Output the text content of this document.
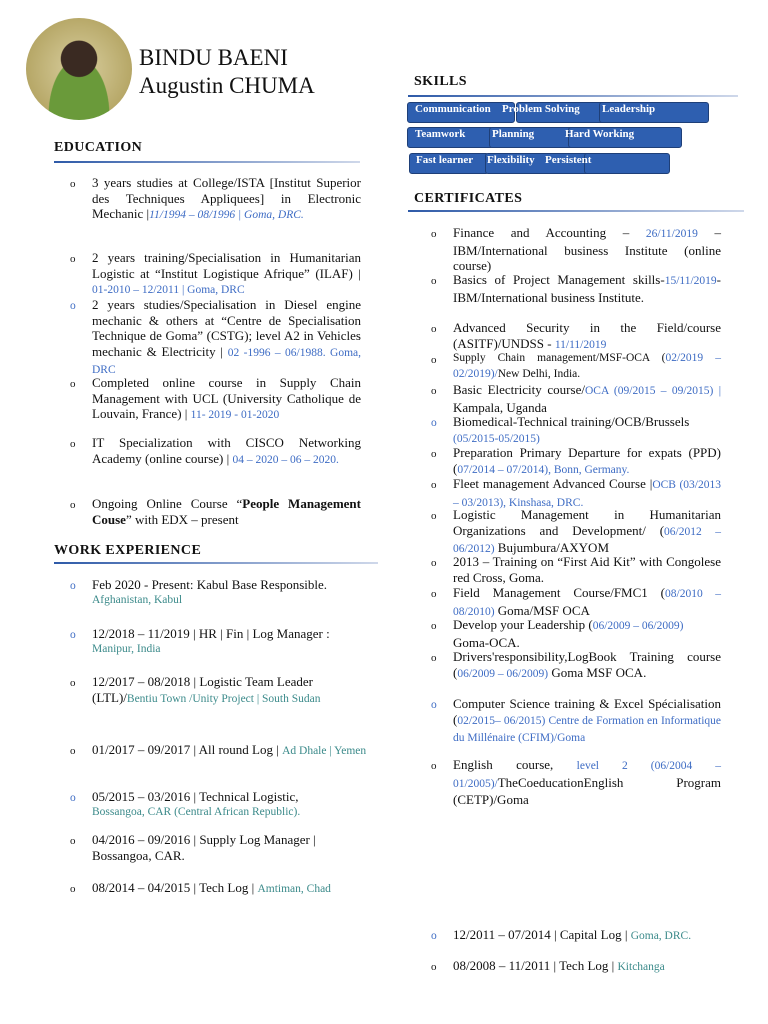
BINDU BAENI
Augustin CHUMA
EDUCATION
o 3 years studies at College/ISTA [Institut Superior des Techniques Appliquees] in Electronic Mechanic |11/1994 – 08/1996 | Goma, DRC.
o 2 years training/Specialisation in Humanitarian Logistic at “Institut Logistique Afrique” (ILAF) | 01-2010 – 12/2011 | Goma, DRC
o 2 years studies/Specialisation in Diesel engine mechanic & others at “Centre de Specialisation Technique de Goma” (CSTG); level A2 in Vehicles mechanic & Electricity | 02 -1996 – 06/1988. Goma, DRC
o Completed online course in Supply Chain Management with UCL (University Catholique de Louvain, France) | 11- 2019 - 01-2020
o IT Specialization with CISCO Networking Academy (online course) | 04 – 2020 – 06 – 2020.
o Ongoing Online Course “People Management Couse” with EDX – present
WORK EXPERIENCE
o Feb 2020 - Present: Kabul Base Responsible.
Afghanistan, Kabul
o 12/2018 – 11/2019 | HR | Fin | Log Manager :
Manipur, India
o 12/2017 – 08/2018 | Logistic Team Leader (LTL)/Bentiu Town /Unity Project | South Sudan
o 01/2017 – 09/2017 | All round Log | Ad Dhale | Yemen
o 05/2015 – 03/2016 | Technical Logistic,
Bossangoa, CAR (Central African Republic).
o 04/2016 – 09/2016 | Supply Log Manager | Bossangoa, CAR.
o 08/2014 – 04/2015 | Tech Log | Amtiman, Chad
SKILLS
Communication Problem Solving Leadership
Teamwork Planning	Hard Working
Fast learner Flexibility Persistent
CERTIFICATES
o Finance and Accounting – 26/11/2019 – IBM/International business Institute (online course)
o Basics of Project Management skills-15/11/2019-IBM/International business Institute.
o Advanced Security in the Field/course (ASITF)/UNDSS - 11/11/2019
o Supply Chain management/MSF-OCA (02/2019 – 02/2019)/New Delhi, India.
o Basic Electricity course/OCA (09/2015 – 09/2015) | Kampala, Uganda
o Biomedical-Technical training/OCB/Brussels (05/2015-05/2015)
o Preparation Primary Departure for expats (PPD) (07/2014 – 07/2014), Bonn, Germany.
o Fleet management Advanced Course |OCB (03/2013 – 03/2013), Kinshasa, DRC.
o Logistic Management in Humanitarian Organizations and Development/ (06/2012 – 06/2012) Bujumbura/AXYOM
o 2013 – Training on “First Aid Kit” with Congolese red Cross, Goma.
o Field Management Course/FMC1 (08/2010 – 08/2010) Goma/MSF OCA
o Develop your Leadership (06/2009 – 06/2009)
Goma-OCA.
o Drivers'responsibility,LogBook Training course (06/2009 – 06/2009) Goma MSF OCA.
o Computer Science training & Excel Spécialisation (02/2015– 06/2015) Centre de Formation en Informatique du Millénaire (CFIM)/Goma
o English course, level 2 (06/2004 – 01/2005)/TheCoeducationEnglish Program (CETP)/Goma
o 12/2011 – 07/2014 | Capital Log | Goma, DRC.
o 08/2008 – 11/2011 | Tech Log | Kitchanga
